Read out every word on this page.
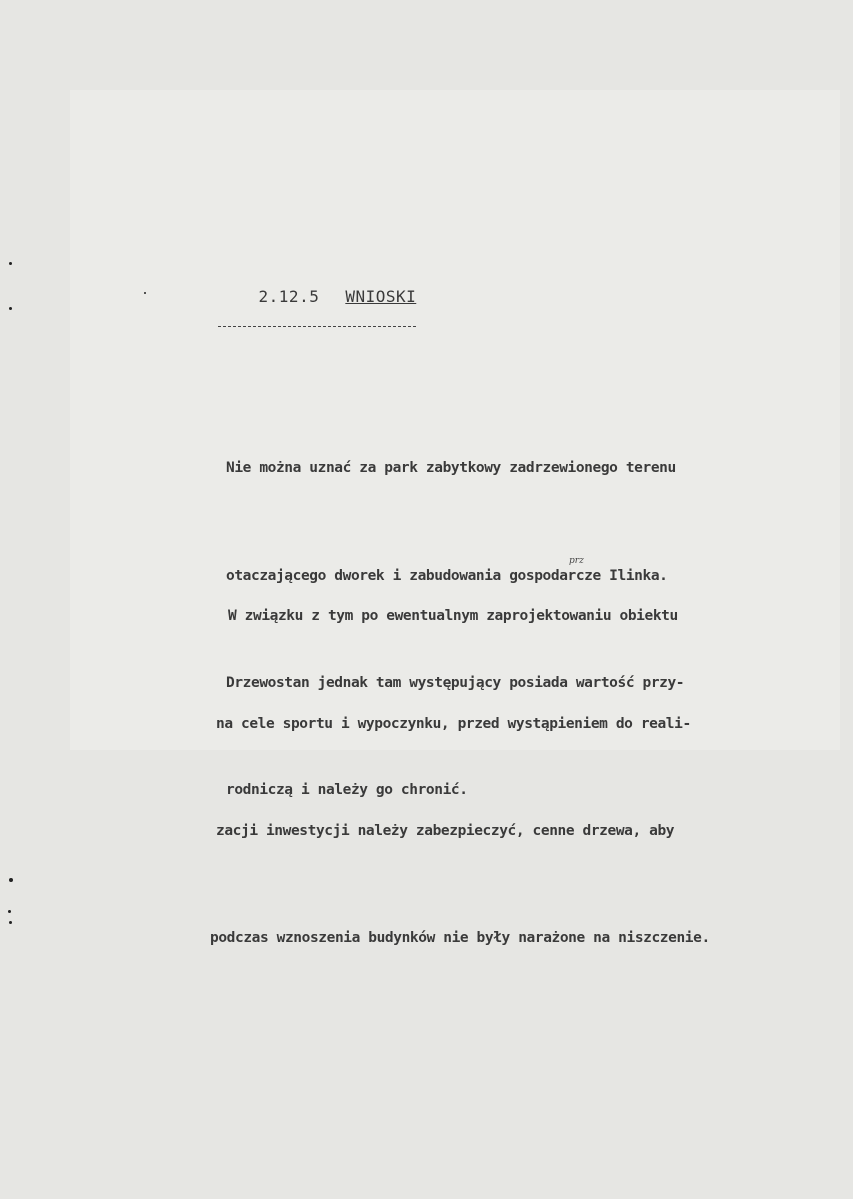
2.12.5 WNIOSKI

Nie można uznać za park zabytkowy zadrzewionego terenu

otaczającego dworek i zabudowania gospodarcze Ilinka.

Drzewostan jednak tam występujący posiada wartość przy-

rodniczą i należy go chronić.

W związku z tym po ewentualnym zaprojektowaniu obiektu

na cele sportu i wypoczynku, przed wystąpieniem do reali-

zacji inwestycji należy zabezpieczyć, cenne drzewa, aby

podczas wznoszenia budynków nie były narażone na niszczenie.

prz
